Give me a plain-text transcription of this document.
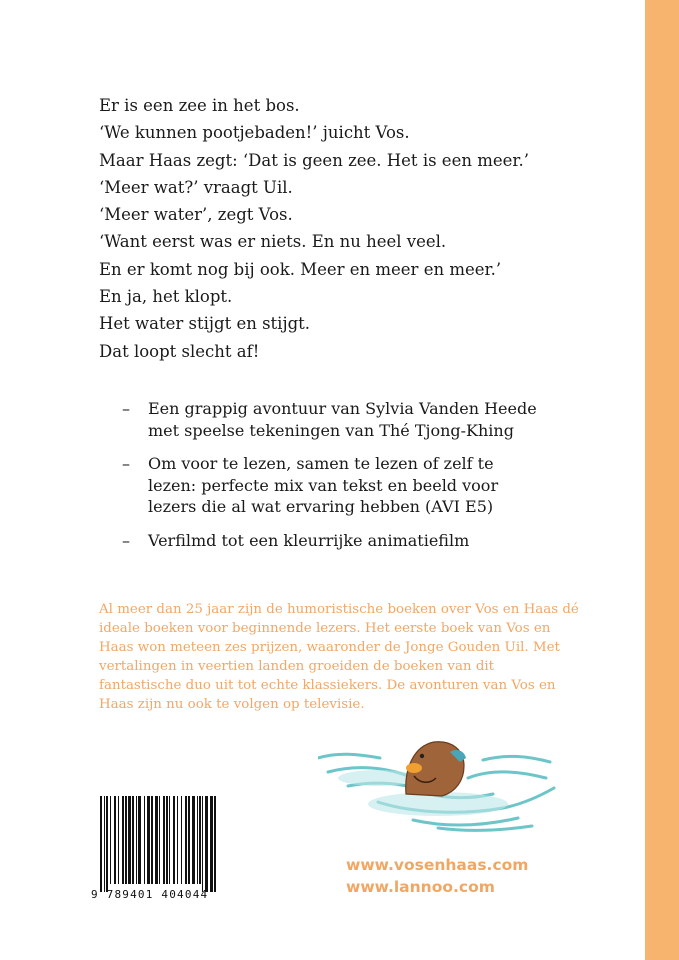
Er is een zee in het bos.
‘We kunnen pootjebaden!’ juicht Vos.
Maar Haas zegt: ‘Dat is geen zee. Het is een meer.’
‘Meer wat?’ vraagt Uil.
‘Meer water’, zegt Vos.
‘Want eerst was er niets. En nu heel veel.
En er komt nog bij ook. Meer en meer en meer.’
En ja, het klopt.
Het water stijgt en stijgt.
Dat loopt slecht af!
– Een grappig avontuur van Sylvia Vanden Heede met speelse tekeningen van Thé Tjong-Khing
– Om voor te lezen, samen te lezen of zelf te lezen: perfecte mix van tekst en beeld voor lezers die al wat ervaring hebben (AVI E5)
– Verfilmd tot een kleurrijke animatiefilm
Al meer dan 25 jaar zijn de humoristische boeken over Vos en Haas dé ideale boeken voor beginnende lezers. Het eerste boek van Vos en Haas won meteen zes prijzen, waaronder de Jonge Gouden Uil. Met vertalingen in veertien landen groeiden de boeken van dit fantastische duo uit tot echte klassiekers. De avonturen van Vos en Haas zijn nu ook te volgen op televisie.
9 789401 404044
www.vosenhaas.com
www.lannoo.com
